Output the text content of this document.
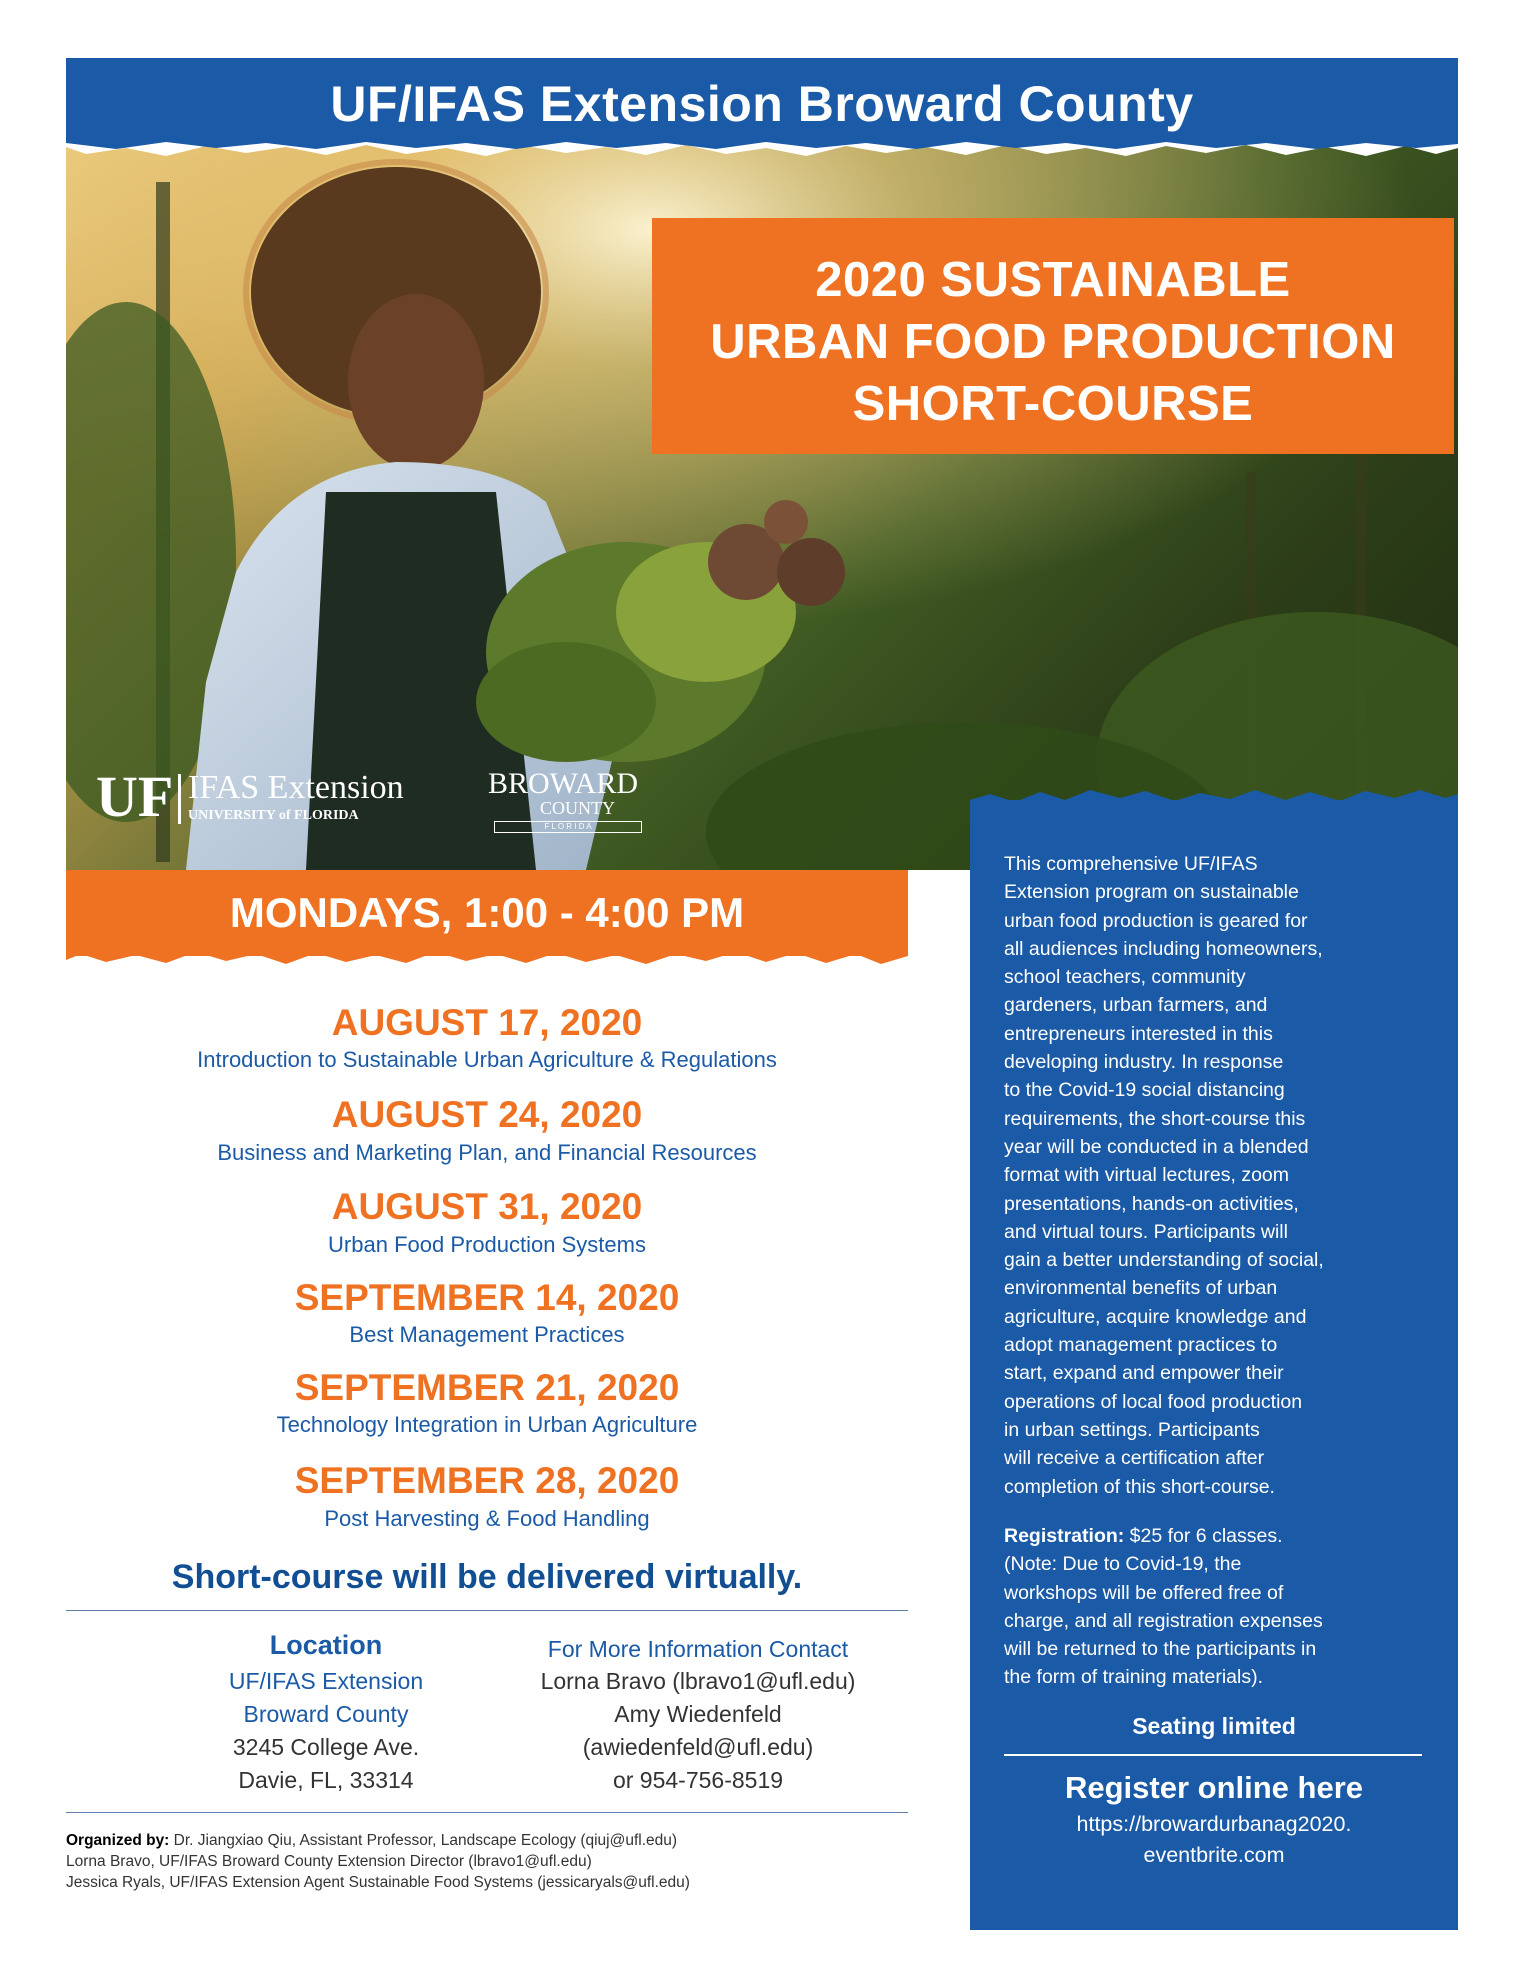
UF/IFAS Extension Broward County
2020 SUSTAINABLE
URBAN FOOD PRODUCTION
SHORT-COURSE
UF IFAS Extension
UNIVERSITY of FLORIDA
BROWARD
COUNTY
F L O R I D A
MONDAYS, 1:00 - 4:00 PM
AUGUST 17, 2020
Introduction to Sustainable Urban Agriculture & Regulations
AUGUST 24, 2020
Business and Marketing Plan, and Financial Resources
AUGUST 31, 2020
Urban Food Production Systems
SEPTEMBER 14, 2020
Best Management Practices
SEPTEMBER 21, 2020
Technology Integration in Urban Agriculture
SEPTEMBER 28, 2020
Post Harvesting & Food Handling
Short-course will be delivered virtually.
Location
UF/IFAS Extension
Broward County
3245 College Ave.
Davie, FL, 33314
For More Information Contact
Lorna Bravo (lbravo1@ufl.edu)
Amy Wiedenfeld
(awiedenfeld@ufl.edu)
or 954-756-8519
Organized by: Dr. Jiangxiao Qiu, Assistant Professor, Landscape Ecology (qiuj@ufl.edu)
Lorna Bravo, UF/IFAS Broward County Extension Director (lbravo1@ufl.edu)
Jessica Ryals, UF/IFAS Extension Agent Sustainable Food Systems (jessicaryals@ufl.edu)
This comprehensive UF/IFAS
Extension program on sustainable
urban food production is geared for
all audiences including homeowners,
school teachers, community
gardeners, urban farmers, and
entrepreneurs interested in this
developing industry. In response
to the Covid-19 social distancing
requirements, the short-course this
year will be conducted in a blended
format with virtual lectures, zoom
presentations, hands-on activities,
and virtual tours. Participants will
gain a better understanding of social,
environmental benefits of urban
agriculture, acquire knowledge and
adopt management practices to
start, expand and empower their
operations of local food production
in urban settings. Participants
will receive a certification after
completion of this short-course.
Registration: $25 for 6 classes.
(Note: Due to Covid-19, the
workshops will be offered free of
charge, and all registration expenses
will be returned to the participants in
the form of training materials).
Seating limited
Register online here
https://browardurbanag2020.
eventbrite.com
